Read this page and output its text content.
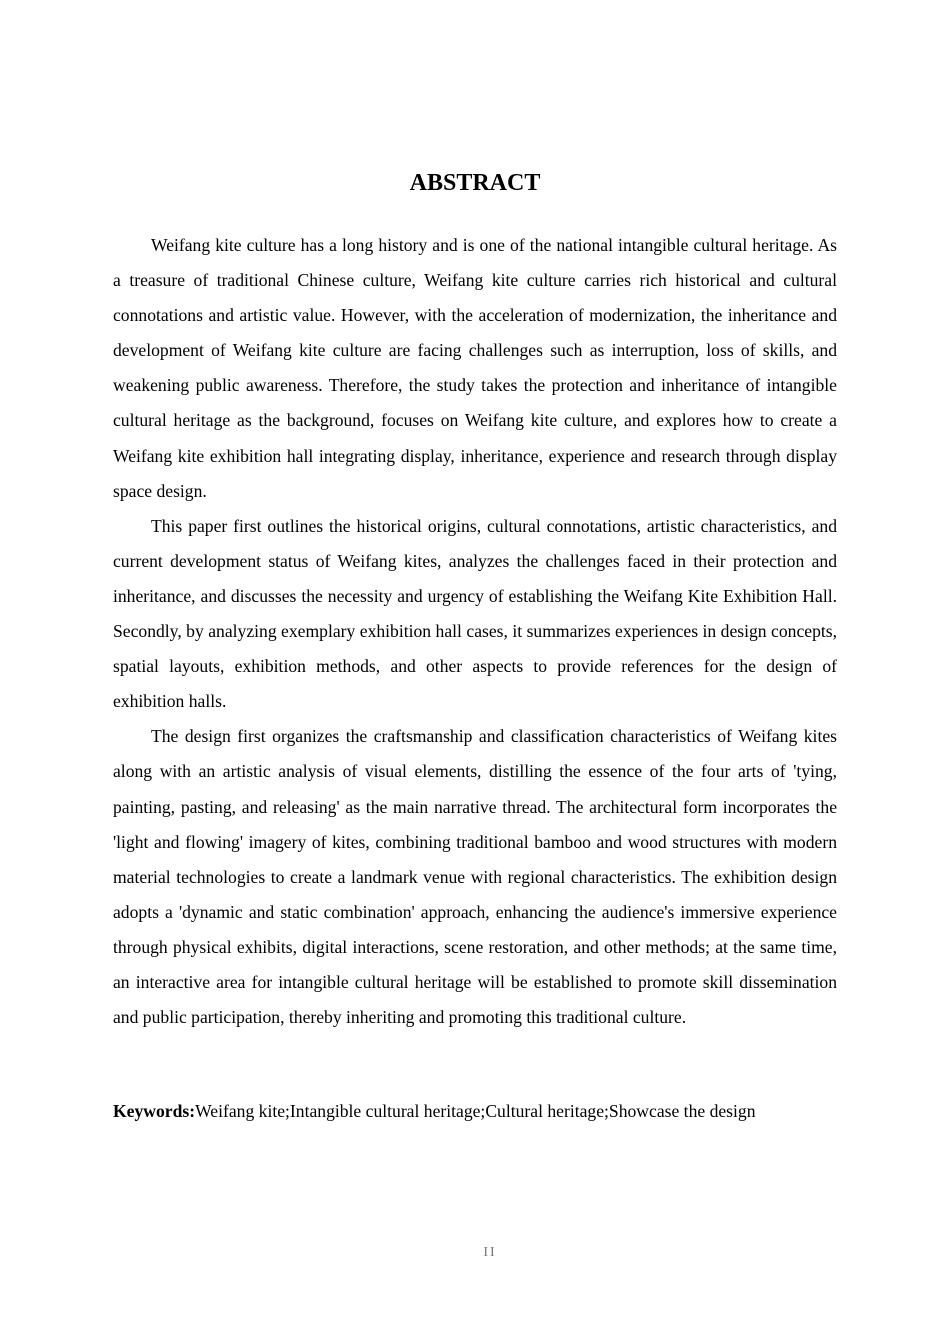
ABSTRACT

Weifang kite culture has a long history and is one of the national intangible cultural heritage. As a treasure of traditional Chinese culture, Weifang kite culture carries rich historical and cultural connotations and artistic value. However, with the acceleration of modernization, the inheritance and development of Weifang kite culture are facing challenges such as interruption, loss of skills, and weakening public awareness. Therefore, the study takes the protection and inheritance of intangible cultural heritage as the background, focuses on Weifang kite culture, and explores how to create a Weifang kite exhibition hall integrating display, inheritance, experience and research through display space design.

This paper first outlines the historical origins, cultural connotations, artistic characteristics, and current development status of Weifang kites, analyzes the challenges faced in their protection and inheritance, and discusses the necessity and urgency of establishing the Weifang Kite Exhibition Hall. Secondly, by analyzing exemplary exhibition hall cases, it summarizes experiences in design concepts, spatial layouts, exhibition methods, and other aspects to provide references for the design of exhibition halls.

The design first organizes the craftsmanship and classification characteristics of Weifang kites along with an artistic analysis of visual elements, distilling the essence of the four arts of 'tying, painting, pasting, and releasing' as the main narrative thread. The architectural form incorporates the 'light and flowing' imagery of kites, combining traditional bamboo and wood structures with modern material technologies to create a landmark venue with regional characteristics. The exhibition design adopts a 'dynamic and static combination' approach, enhancing the audience's immersive experience through physical exhibits, digital interactions, scene restoration, and other methods; at the same time, an interactive area for intangible cultural heritage will be established to promote skill dissemination and public participation, thereby inheriting and promoting this traditional culture.

Keywords:Weifang kite;Intangible cultural heritage;Cultural heritage;Showcase the design

II
